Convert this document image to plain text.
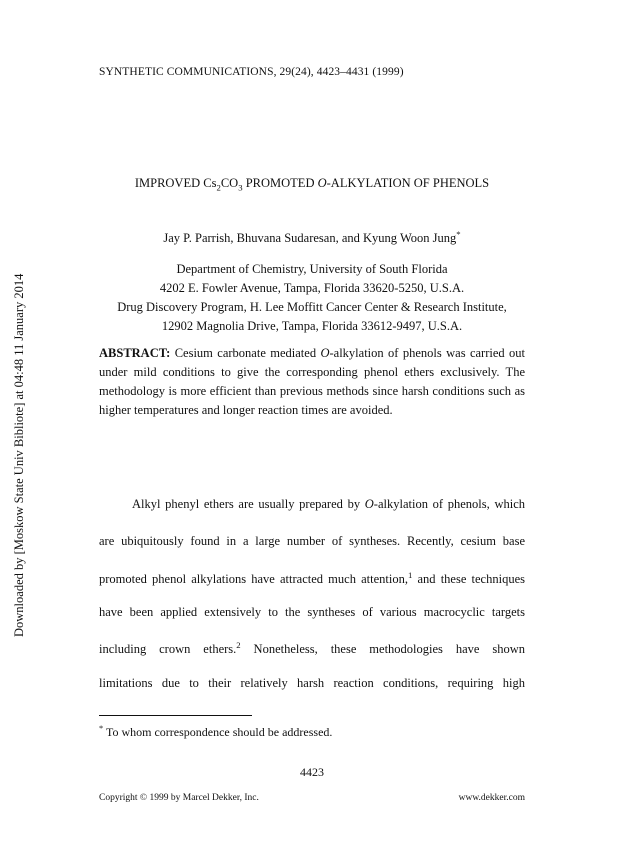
Downloaded by [Moskow State Univ Bibliote] at 04:48 11 January 2014
SYNTHETIC COMMUNICATIONS, 29(24), 4423–4431 (1999)
IMPROVED $Cs_2CO_3$ PROMOTED O-ALKYLATION OF PHENOLS
Jay P. Parrish, Bhuvana Sudaresan, and Kyung Woon Jung*
Department of Chemistry, University of South Florida
4202 E. Fowler Avenue, Tampa, Florida 33620-5250, U.S.A.
Drug Discovery Program, H. Lee Moffitt Cancer Center & Research Institute,
12902 Magnolia Drive, Tampa, Florida 33612-9497, U.S.A.
ABSTRACT: Cesium carbonate mediated O-alkylation of phenols was carried out under mild conditions to give the corresponding phenol ethers exclusively. The methodology is more efficient than previous methods since harsh conditions such as higher temperatures and longer reaction times are avoided.
Alkyl phenyl ethers are usually prepared by O-alkylation of phenols, which
are ubiquitously found in a large number of syntheses. Recently, cesium base
promoted phenol alkylations have attracted much attention,$^1$ and these techniques
have been applied extensively to the syntheses of various macrocyclic targets
including crown ethers.$^2$ Nonetheless, these methodologies have shown
limitations due to their relatively harsh reaction conditions, requiring high
* To whom correspondence should be addressed.
4423
Copyright © 1999 by Marcel Dekker, Inc.	www.dekker.com
